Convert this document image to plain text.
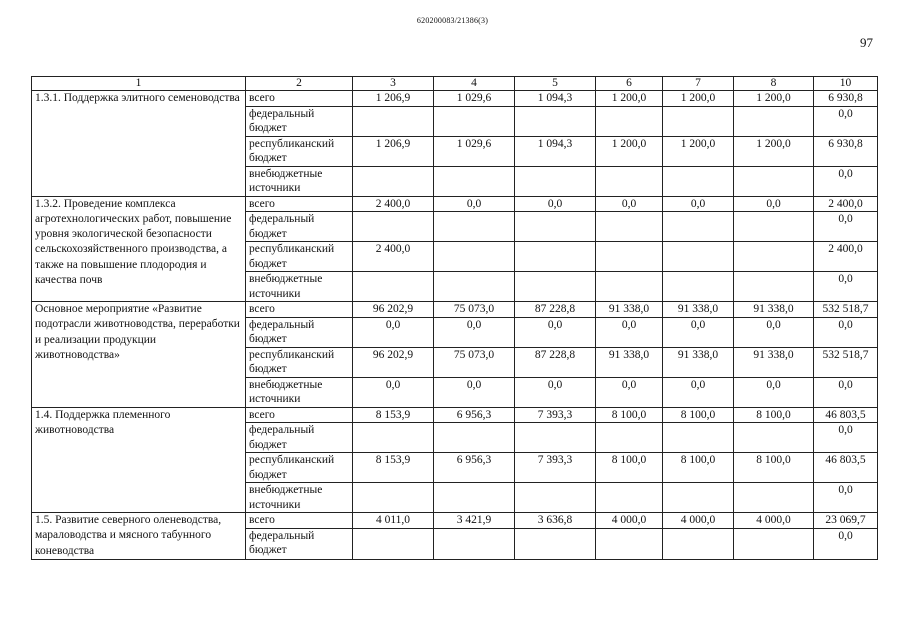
620200083/21386(3)
97
1	2	3	4	5	6	7	8	10
1.3.1. Поддержка элитного семеноводства	всего	1 206,9	1 029,6	1 094,3	1 200,0	1 200,0	1 200,0	6 930,8
	федеральный бюджет							0,0
	республиканский бюджет	1 206,9	1 029,6	1 094,3	1 200,0	1 200,0	1 200,0	6 930,8
	внебюджетные источники							0,0
1.3.2. Проведение комплекса агротехнологических работ, повышение уровня экологической безопасности сельскохозяйственного производства, а также на повышение плодородия и качества почв	всего	2 400,0	0,0	0,0	0,0	0,0	0,0	2 400,0
	федеральный бюджет							0,0
	республиканский бюджет	2 400,0						2 400,0
	внебюджетные источники							0,0
Основное мероприятие «Развитие подотрасли животноводства, переработки и реализации продукции животноводства»	всего	96 202,9	75 073,0	87 228,8	91 338,0	91 338,0	91 338,0	532 518,7
	федеральный бюджет	0,0	0,0	0,0	0,0	0,0	0,0	0,0
	республиканский бюджет	96 202,9	75 073,0	87 228,8	91 338,0	91 338,0	91 338,0	532 518,7
	внебюджетные источники	0,0	0,0	0,0	0,0	0,0	0,0	0,0
1.4. Поддержка племенного животноводства	всего	8 153,9	6 956,3	7 393,3	8 100,0	8 100,0	8 100,0	46 803,5
	федеральный бюджет							0,0
	республиканский бюджет	8 153,9	6 956,3	7 393,3	8 100,0	8 100,0	8 100,0	46 803,5
	внебюджетные источники							0,0
1.5. Развитие северного оленеводства, мараловодства и мясного табунного коневодства	всего	4 011,0	3 421,9	3 636,8	4 000,0	4 000,0	4 000,0	23 069,7
	федеральный бюджет							0,0
